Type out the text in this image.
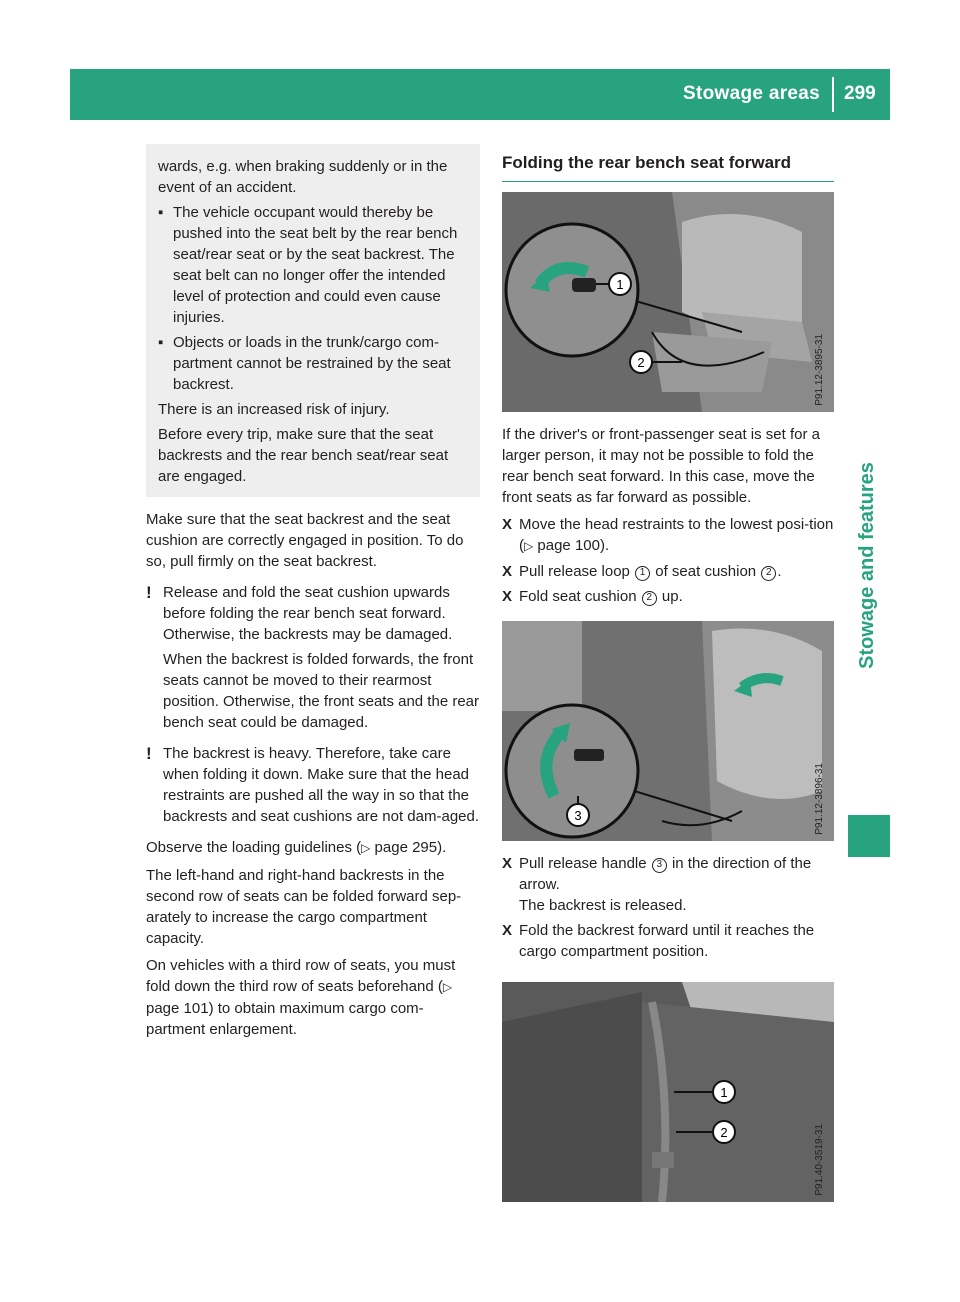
Stowage areas 299
Stowage and features

wards, e.g. when braking suddenly or in the event of an accident.

▪ The vehicle occupant would thereby be pushed into the seat belt by the rear bench seat/rear seat or by the seat backrest. The seat belt can no longer offer the intended level of protection and could even cause injuries.
▪ Objects or loads in the trunk/cargo com-partment cannot be restrained by the seat backrest.

There is an increased risk of injury.

Before every trip, make sure that the seat backrests and the rear bench seat/rear seat are engaged.

Make sure that the seat backrest and the seat cushion are correctly engaged in position. To do so, pull firmly on the seat backrest.

! Release and fold the seat cushion upwards before folding the rear bench seat forward. Otherwise, the backrests may be damaged.
When the backrest is folded forwards, the front seats cannot be moved to their rearmost position. Otherwise, the front seats and the rear bench seat could be damaged.
! The backrest is heavy. Therefore, take care when folding it down. Make sure that the head restraints are pushed all the way in so that the backrests and seat cushions are not dam-aged.

Observe the loading guidelines (▷ page 295).

The left-hand and right-hand backrests in the second row of seats can be folded forward sep-arately to increase the cargo compartment capacity.

On vehicles with a third row of seats, you must fold down the third row of seats beforehand (▷ page 101) to obtain maximum cargo com-partment enlargement.

Folding the rear bench seat forward
1
2	P91.12-3895-31

If the driver's or front-passenger seat is set for a larger person, it may not be possible to fold the rear bench seat forward. In this case, move the front seats as far forward as possible.

X Move the head restraints to the lowest posi-tion (▷ page 100).
X Pull release loop 1 of seat cushion 2 .
X Fold seat cushion 2 up.
3	P91.12-3896-31
X Pull release handle 3 in the direction of the arrow.
The backrest is released.
X Fold the backrest forward until it reaches the cargo compartment position.
1
2	P91.40-3519-31
